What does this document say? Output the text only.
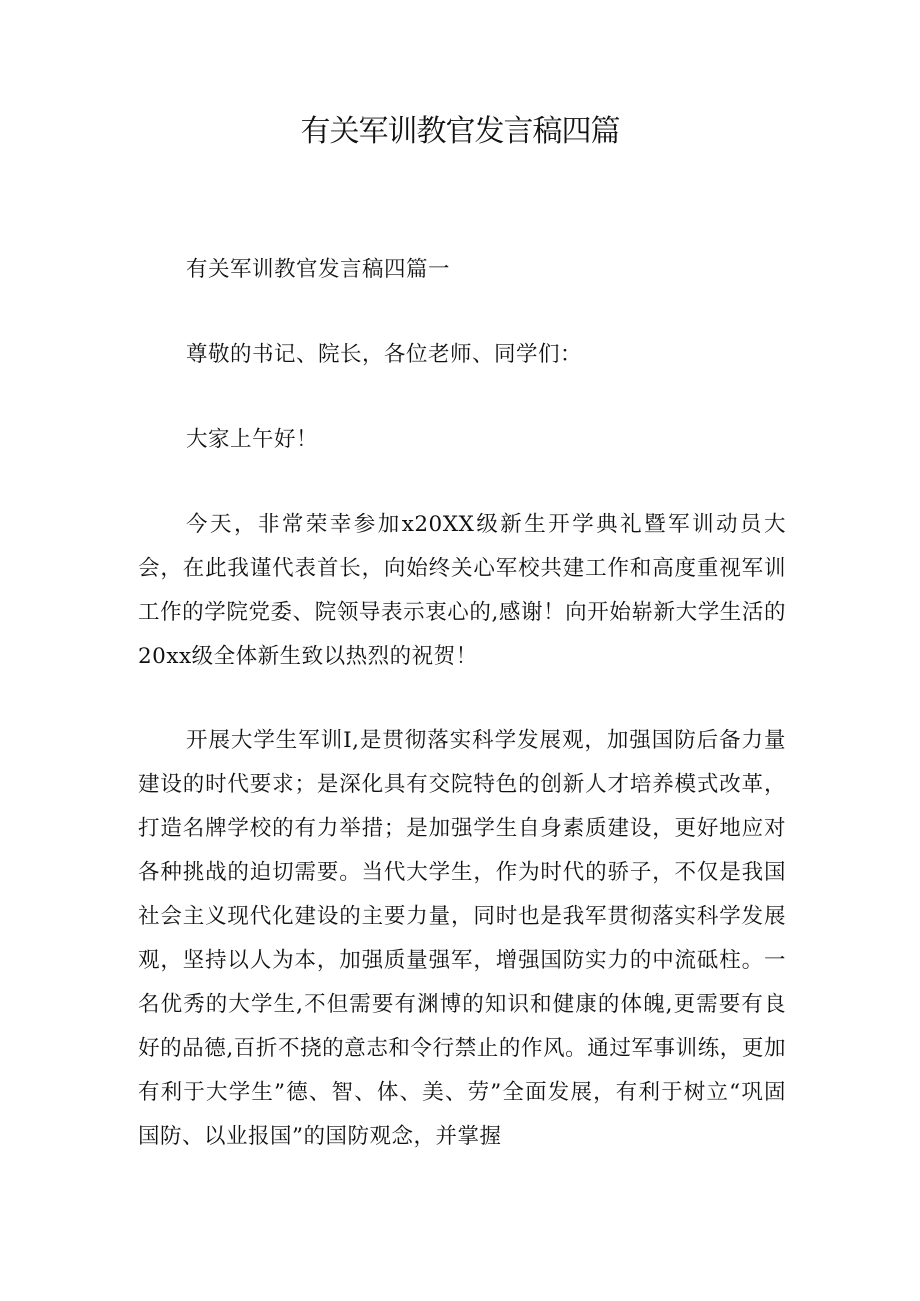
有关军训教官发言稿四篇

有关军训教官发言稿四篇一

尊敬的书记、院长，各位老师、同学们：

大家上午好！

今天，非常荣幸参加x20XX级新生开学典礼暨军训动员大会，在此我谨代表首长，向始终关心军校共建工作和高度重视军训工作的学院党委、院领导表示衷心的,感谢！向开始崭新大学生活的20xx级全体新生致以热烈的祝贺！

开展大学生军训I,是贯彻落实科学发展观，加强国防后备力量建设的时代要求；是深化具有交院特色的创新人才培养模式改革，打造名牌学校的有力举措；是加强学生自身素质建设，更好地应对各种挑战的迫切需要。当代大学生，作为时代的骄子，不仅是我国社会主义现代化建设的主要力量，同时也是我军贯彻落实科学发展观，坚持以人为本，加强质量强军，增强国防实力的中流砥柱。一名优秀的大学生,不但需要有渊博的知识和健康的体魄,更需要有良好的品德,百折不挠的意志和令行禁止的作风。通过军事训练，更加有利于大学生”德、智、体、美、劳”全面发展，有利于树立“巩固国防、以业报国”的国防观念，并掌握
